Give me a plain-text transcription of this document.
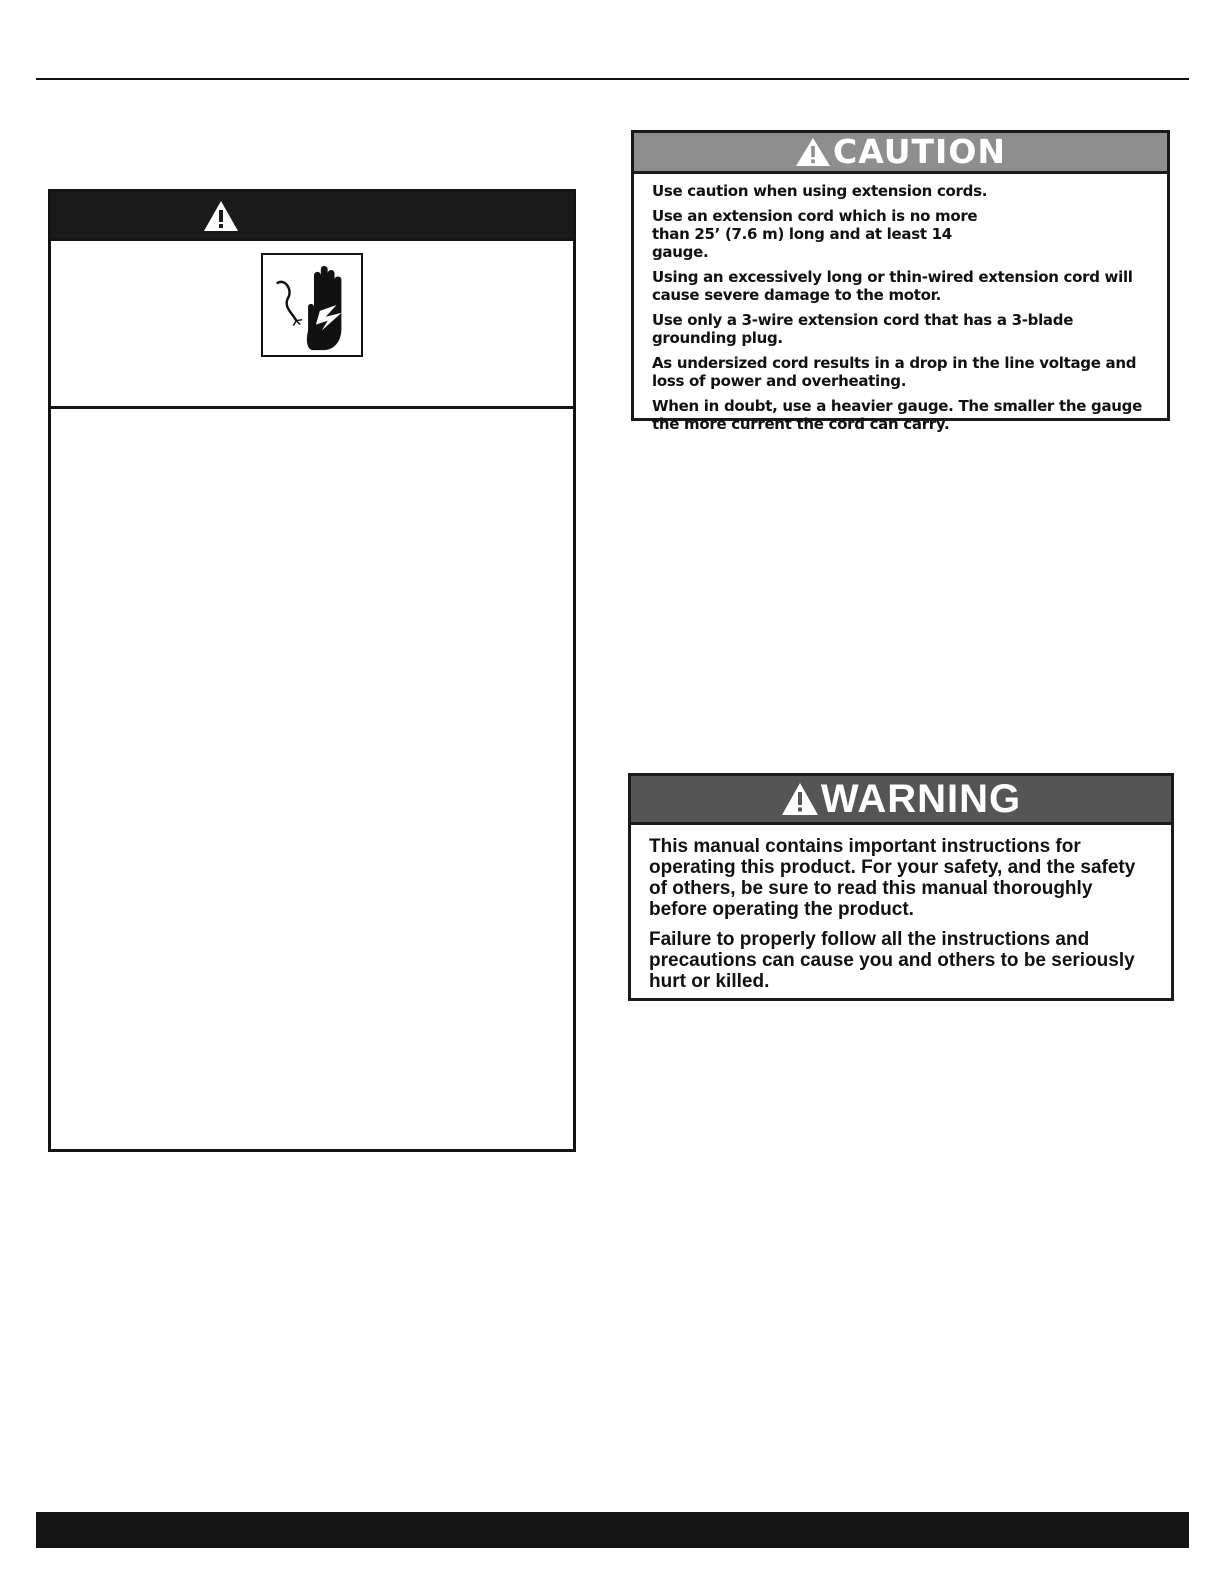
CAUTION

Use caution when using extension cords.

Use an extension cord which is no more than 25’ (7.6 m) long and at least 14 gauge.

Using an excessively long or thin-wired extension cord will cause severe damage to the motor.

Use only a 3-wire extension cord that has a 3-blade grounding plug.

As undersized cord results in a drop in the line voltage and loss of power and overheating.

When in doubt, use a heavier gauge. The smaller the gauge the more current the cord can carry.

WARNING

This manual contains important instructions for operating this product. For your safety, and the safety of others, be sure to read this manual thoroughly before operating the product.

Failure to properly follow all the instructions and precautions can cause you and others to be seriously hurt or killed.
